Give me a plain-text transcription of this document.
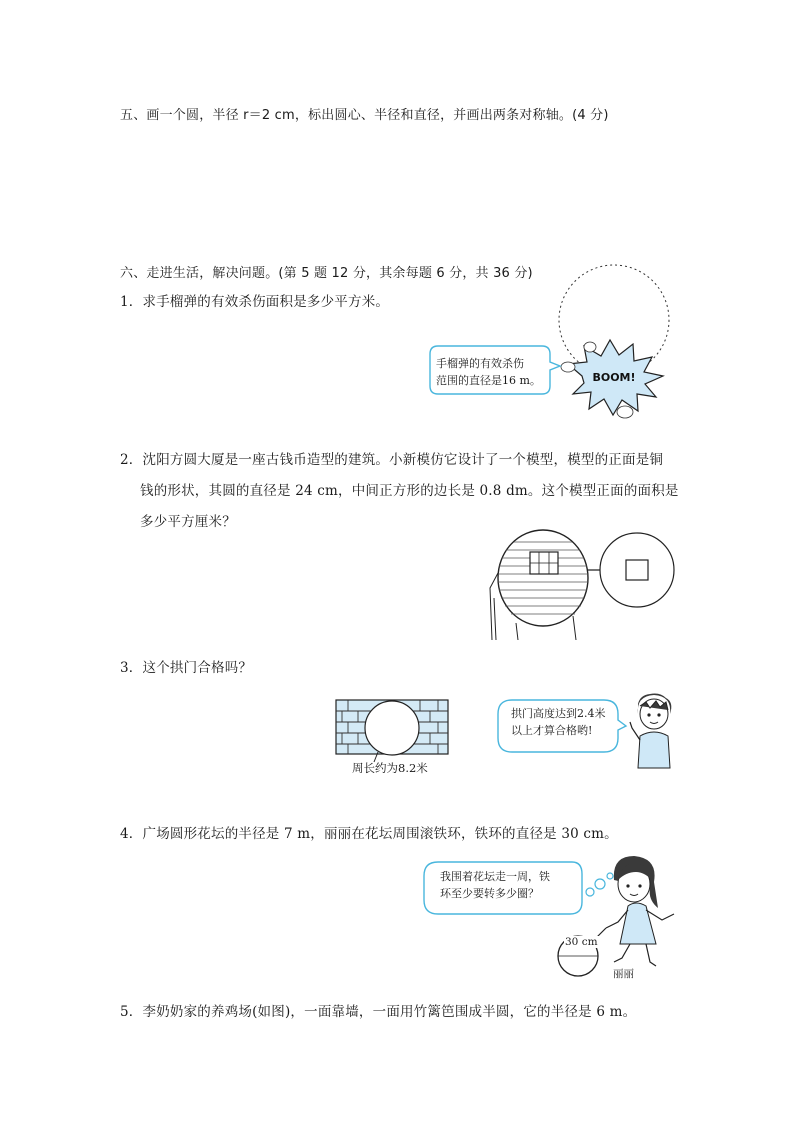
五、画一个圆，半径 r＝2 cm，标出圆心、半径和直径，并画出两条对称轴。(4 分)
六、走进生活，解决问题。(第 5 题 12 分，其余每题 6 分，共 36 分)
1．求手榴弹的有效杀伤面积是多少平方米。
BOOM!
手榴弹的有效杀伤
范围的直径是16 m。
2．沈阳方圆大厦是一座古钱币造型的建筑。小新模仿它设计了一个模型，模型的正面是铜
钱的形状，其圆的直径是 24 cm，中间正方形的边长是 0.8 dm。这个模型正面的面积是
多少平方厘米？
3．这个拱门合格吗？
周长约为8.2米
拱门高度达到2.4米
以上才算合格哟!
4．广场圆形花坛的半径是 7 m，丽丽在花坛周围滚铁环，铁环的直径是 30 cm。
我围着花坛走一周，铁
环至少要转多少圈？
30 cm
丽丽
5．李奶奶家的养鸡场(如图)，一面靠墙，一面用竹篱笆围成半圆，它的半径是 6 m。
